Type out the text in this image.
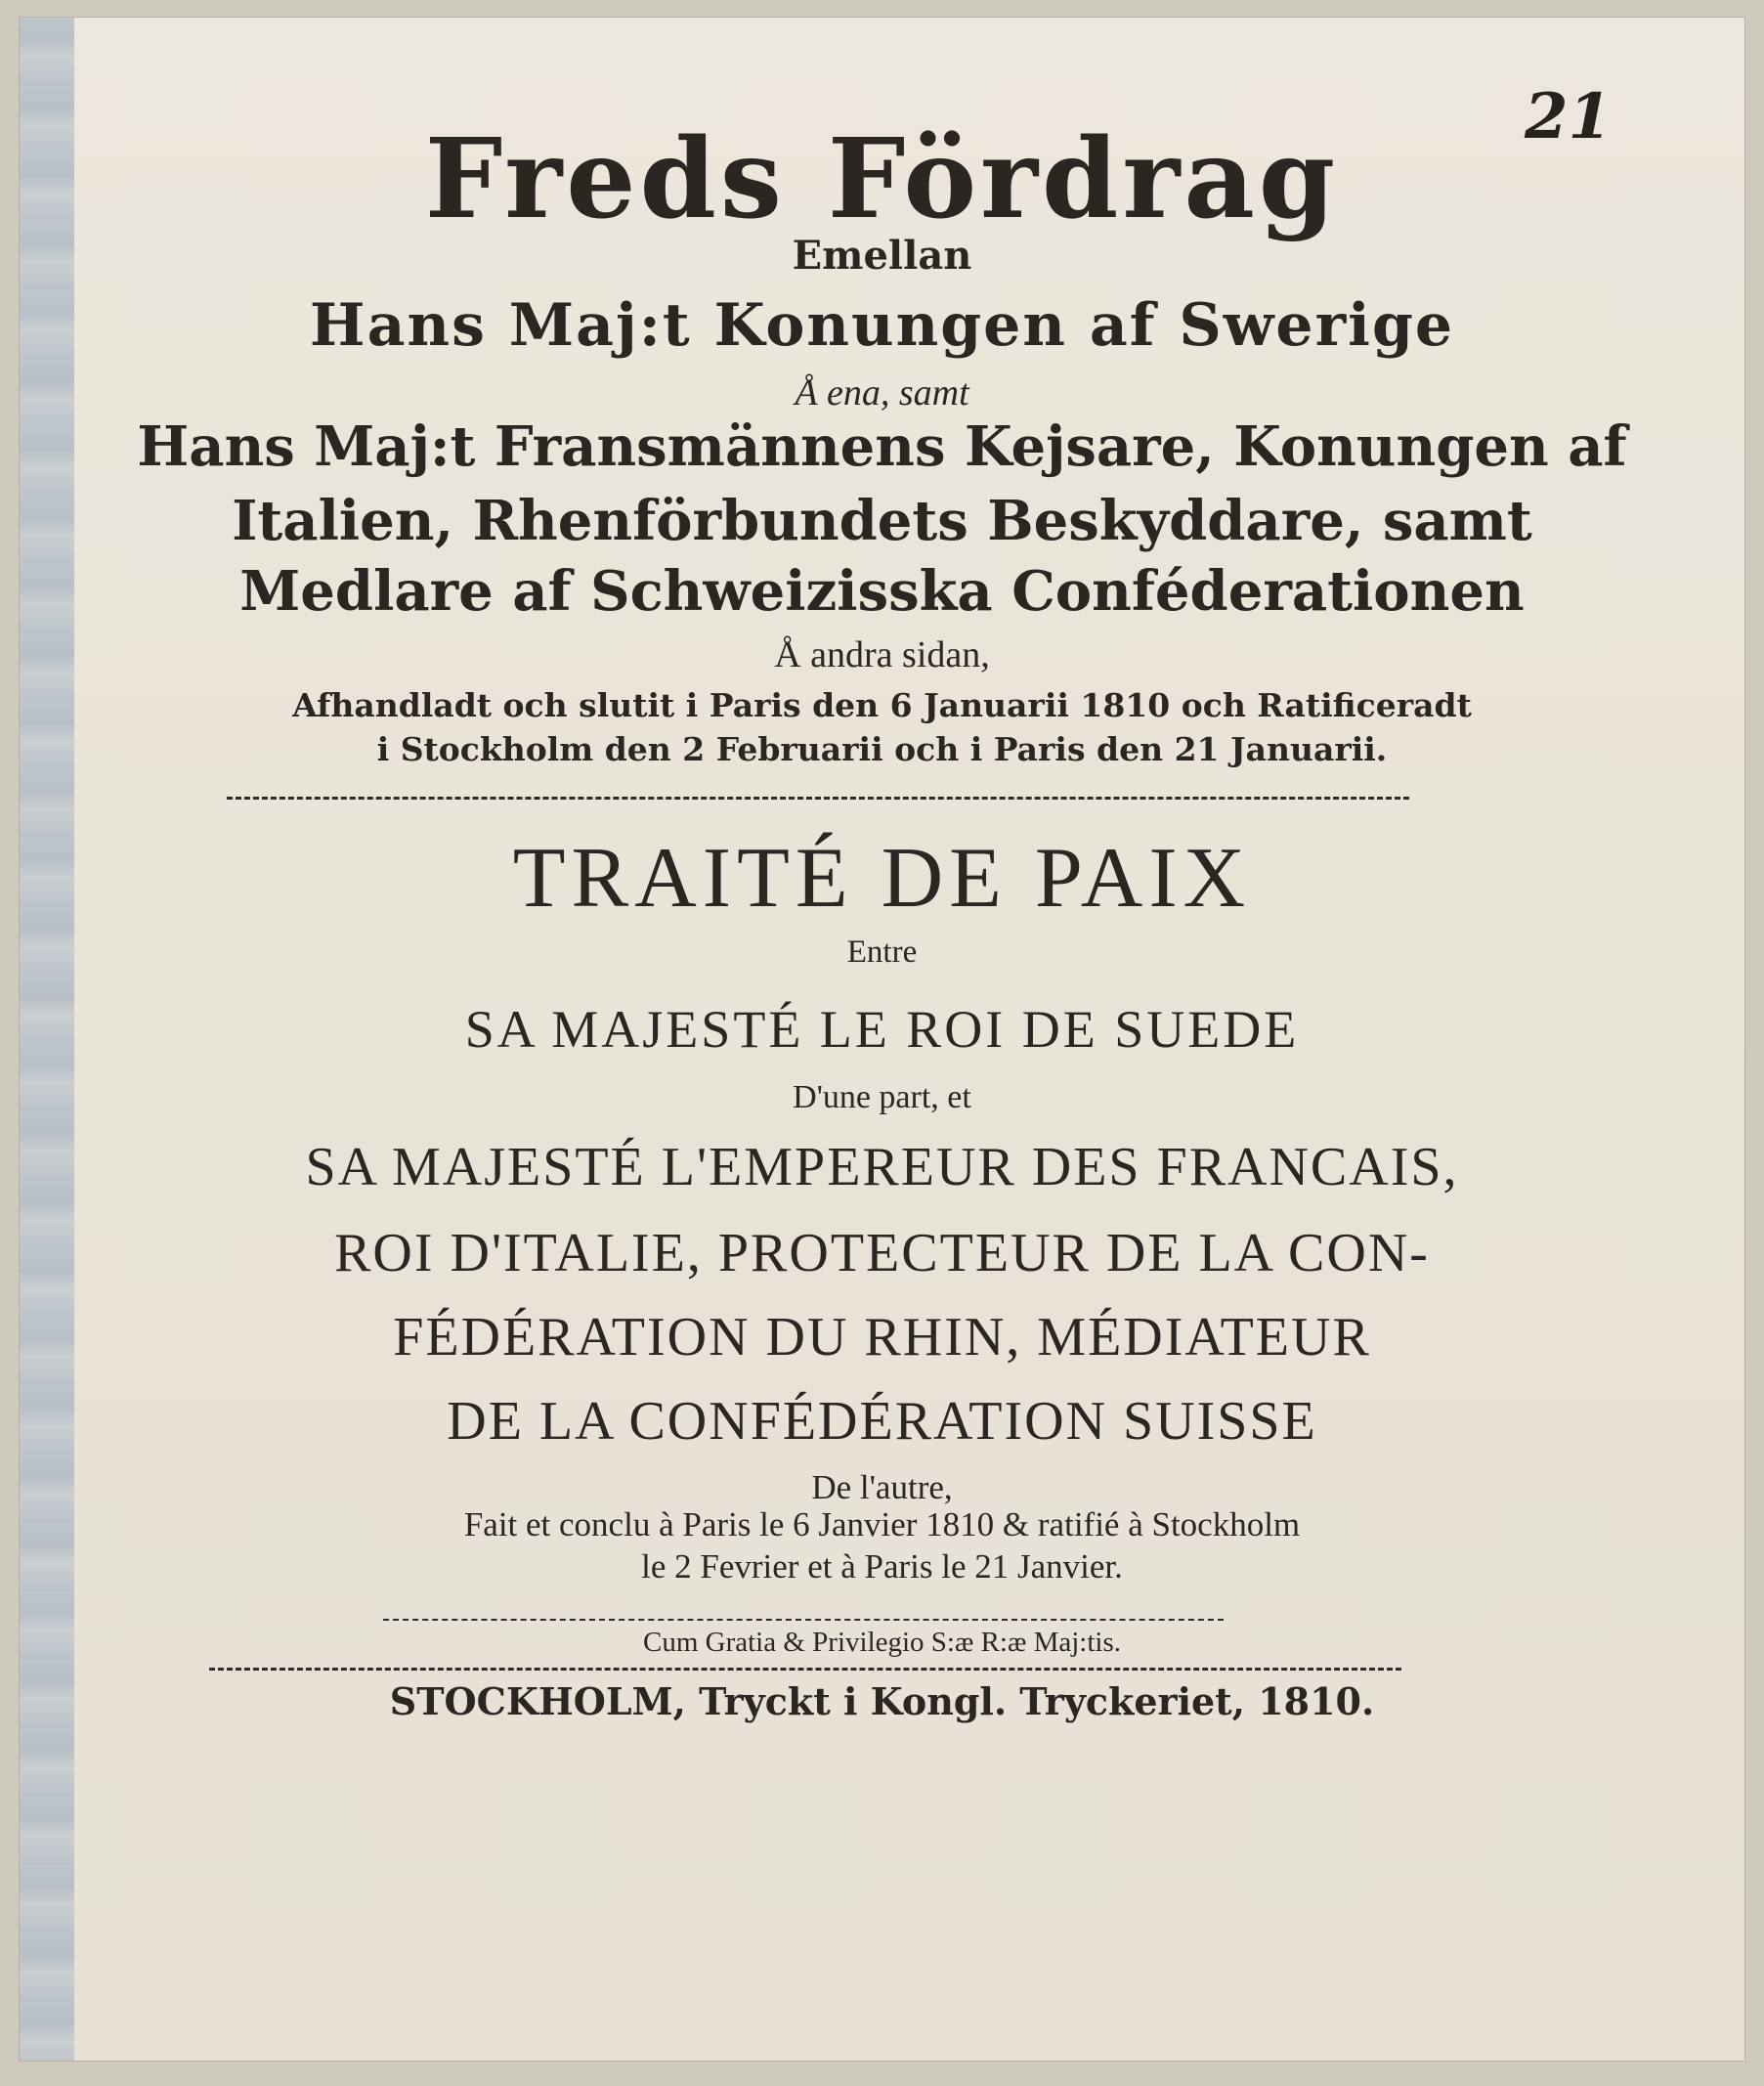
21
Freds Fördrag
Emellan
Hans Maj:t Konungen af Swerige
Å ena, samt
Hans Maj:t Fransmännens Kejsare, Konungen af
Italien, Rhenförbundets Beskyddare, samt
Medlare af Schweizisska Conféderationen
Å andra sidan,
Afhandladt och slutit i Paris den 6 Januarii 1810 och Ratificeradt
i Stockholm den 2 Februarii och i Paris den 21 Januarii.
TRAITÉ DE PAIX
Entre
SA MAJESTÉ LE ROI DE SUEDE
D'une part, et
SA MAJESTÉ L'EMPEREUR DES FRANCAIS,
ROI D'ITALIE, PROTECTEUR DE LA CON-
FÉDÉRATION DU RHIN, MÉDIATEUR
DE LA CONFÉDÉRATION SUISSE
De l'autre,
Fait et conclu à Paris le 6 Janvier 1810 & ratifié à Stockholm
le 2 Fevrier et à Paris le 21 Janvier.
Cum Gratia & Privilegio S:æ R:æ Maj:tis.
STOCKHOLM, Tryckt i Kongl. Tryckeriet, 1810.
